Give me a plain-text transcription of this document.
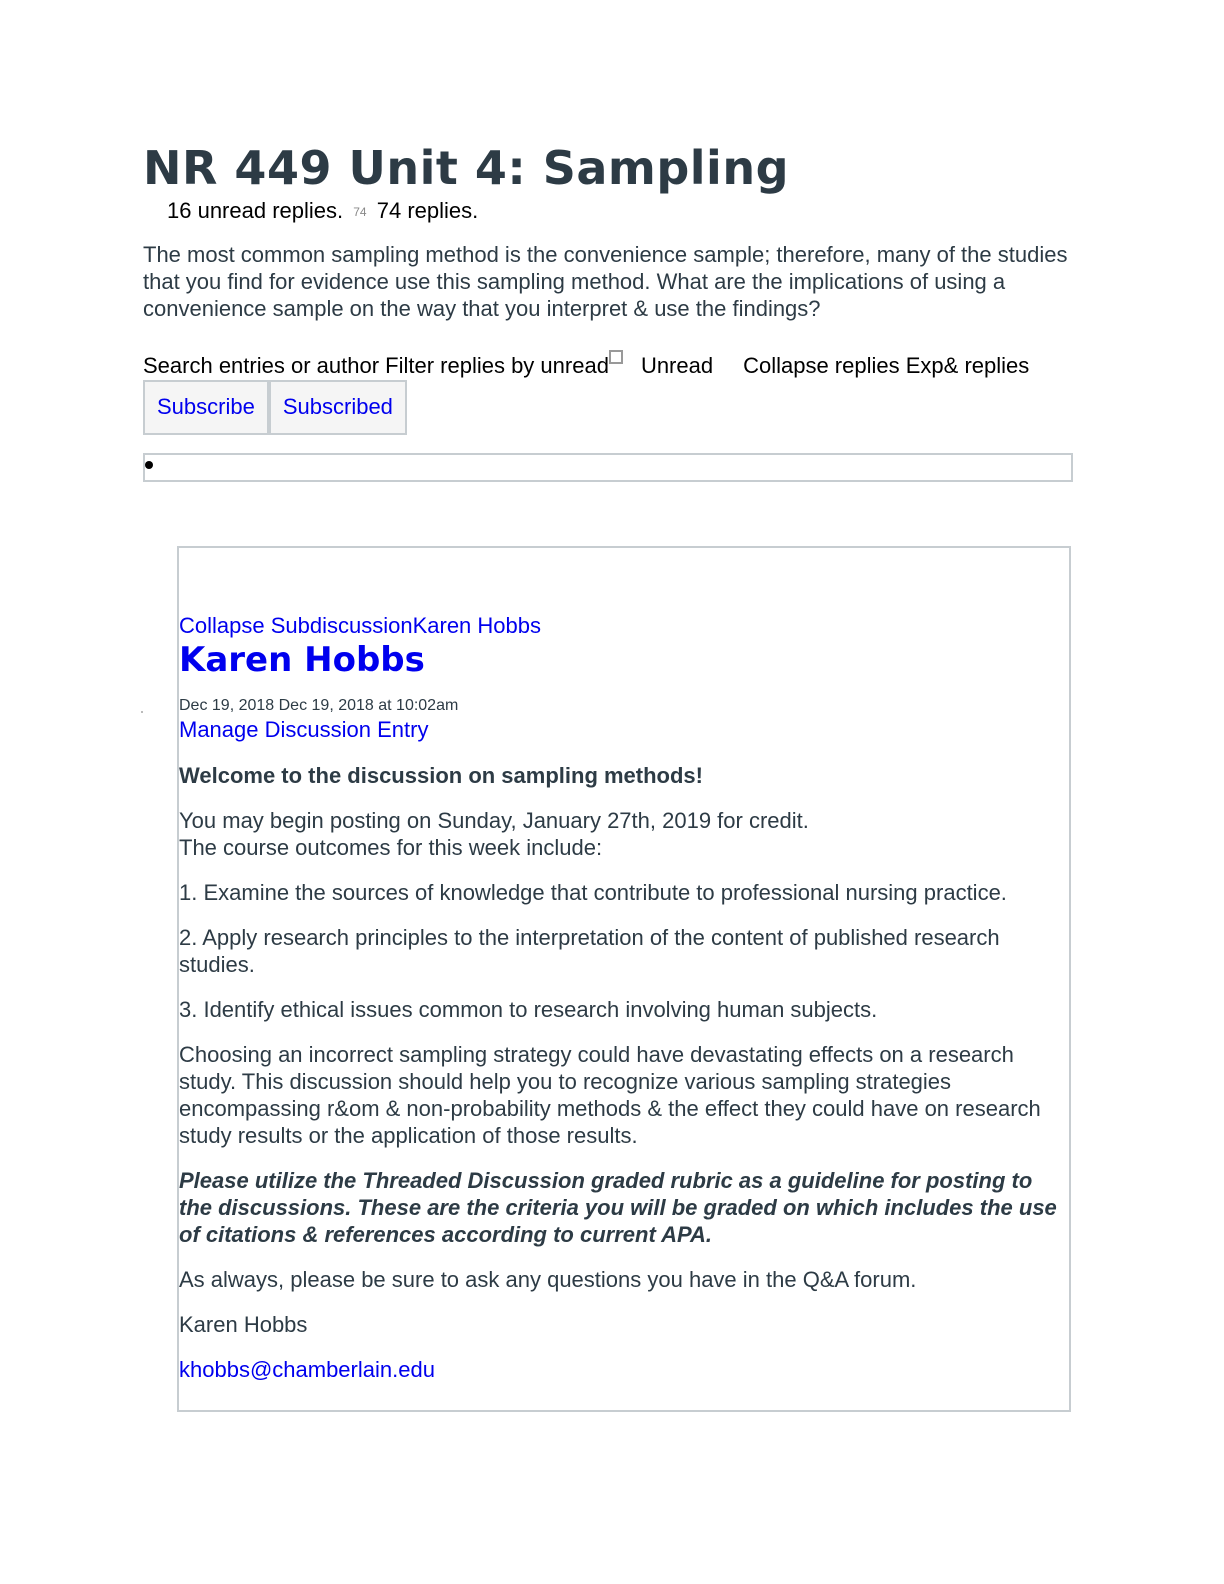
NR 449 Unit 4: Sampling
16 unread replies. 74 74 replies.
The most common sampling method is the convenience sample; therefore, many of the studies that you find for evidence use this sampling method. What are the implications of using a convenience sample on the way that you interpret & use the findings?
Search entries or author Filter replies by unread Unread Collapse replies Exp& replies
Subscribe	Subscribed
Collapse SubdiscussionKaren Hobbs
Karen Hobbs
Dec 19, 2018 Dec 19, 2018 at 10:02am
Manage Discussion Entry

Welcome to the discussion on sampling methods!

You may begin posting on Sunday, January 27th, 2019 for credit.

The course outcomes for this week include:

1. Examine the sources of knowledge that contribute to professional nursing practice.

2. Apply research principles to the interpretation of the content of published research studies.

3. Identify ethical issues common to research involving human subjects.

Choosing an incorrect sampling strategy could have devastating effects on a research study. This discussion should help you to recognize various sampling strategies encompassing r&om & non-probability methods & the effect they could have on research study results or the application of those results.

Please utilize the Threaded Discussion graded rubric as a guideline for posting to the discussions. These are the criteria you will be graded on which includes the use of citations & references according to current APA.

As always, please be sure to ask any questions you have in the Q&A forum.

Karen Hobbs

khobbs@chamberlain.edu
